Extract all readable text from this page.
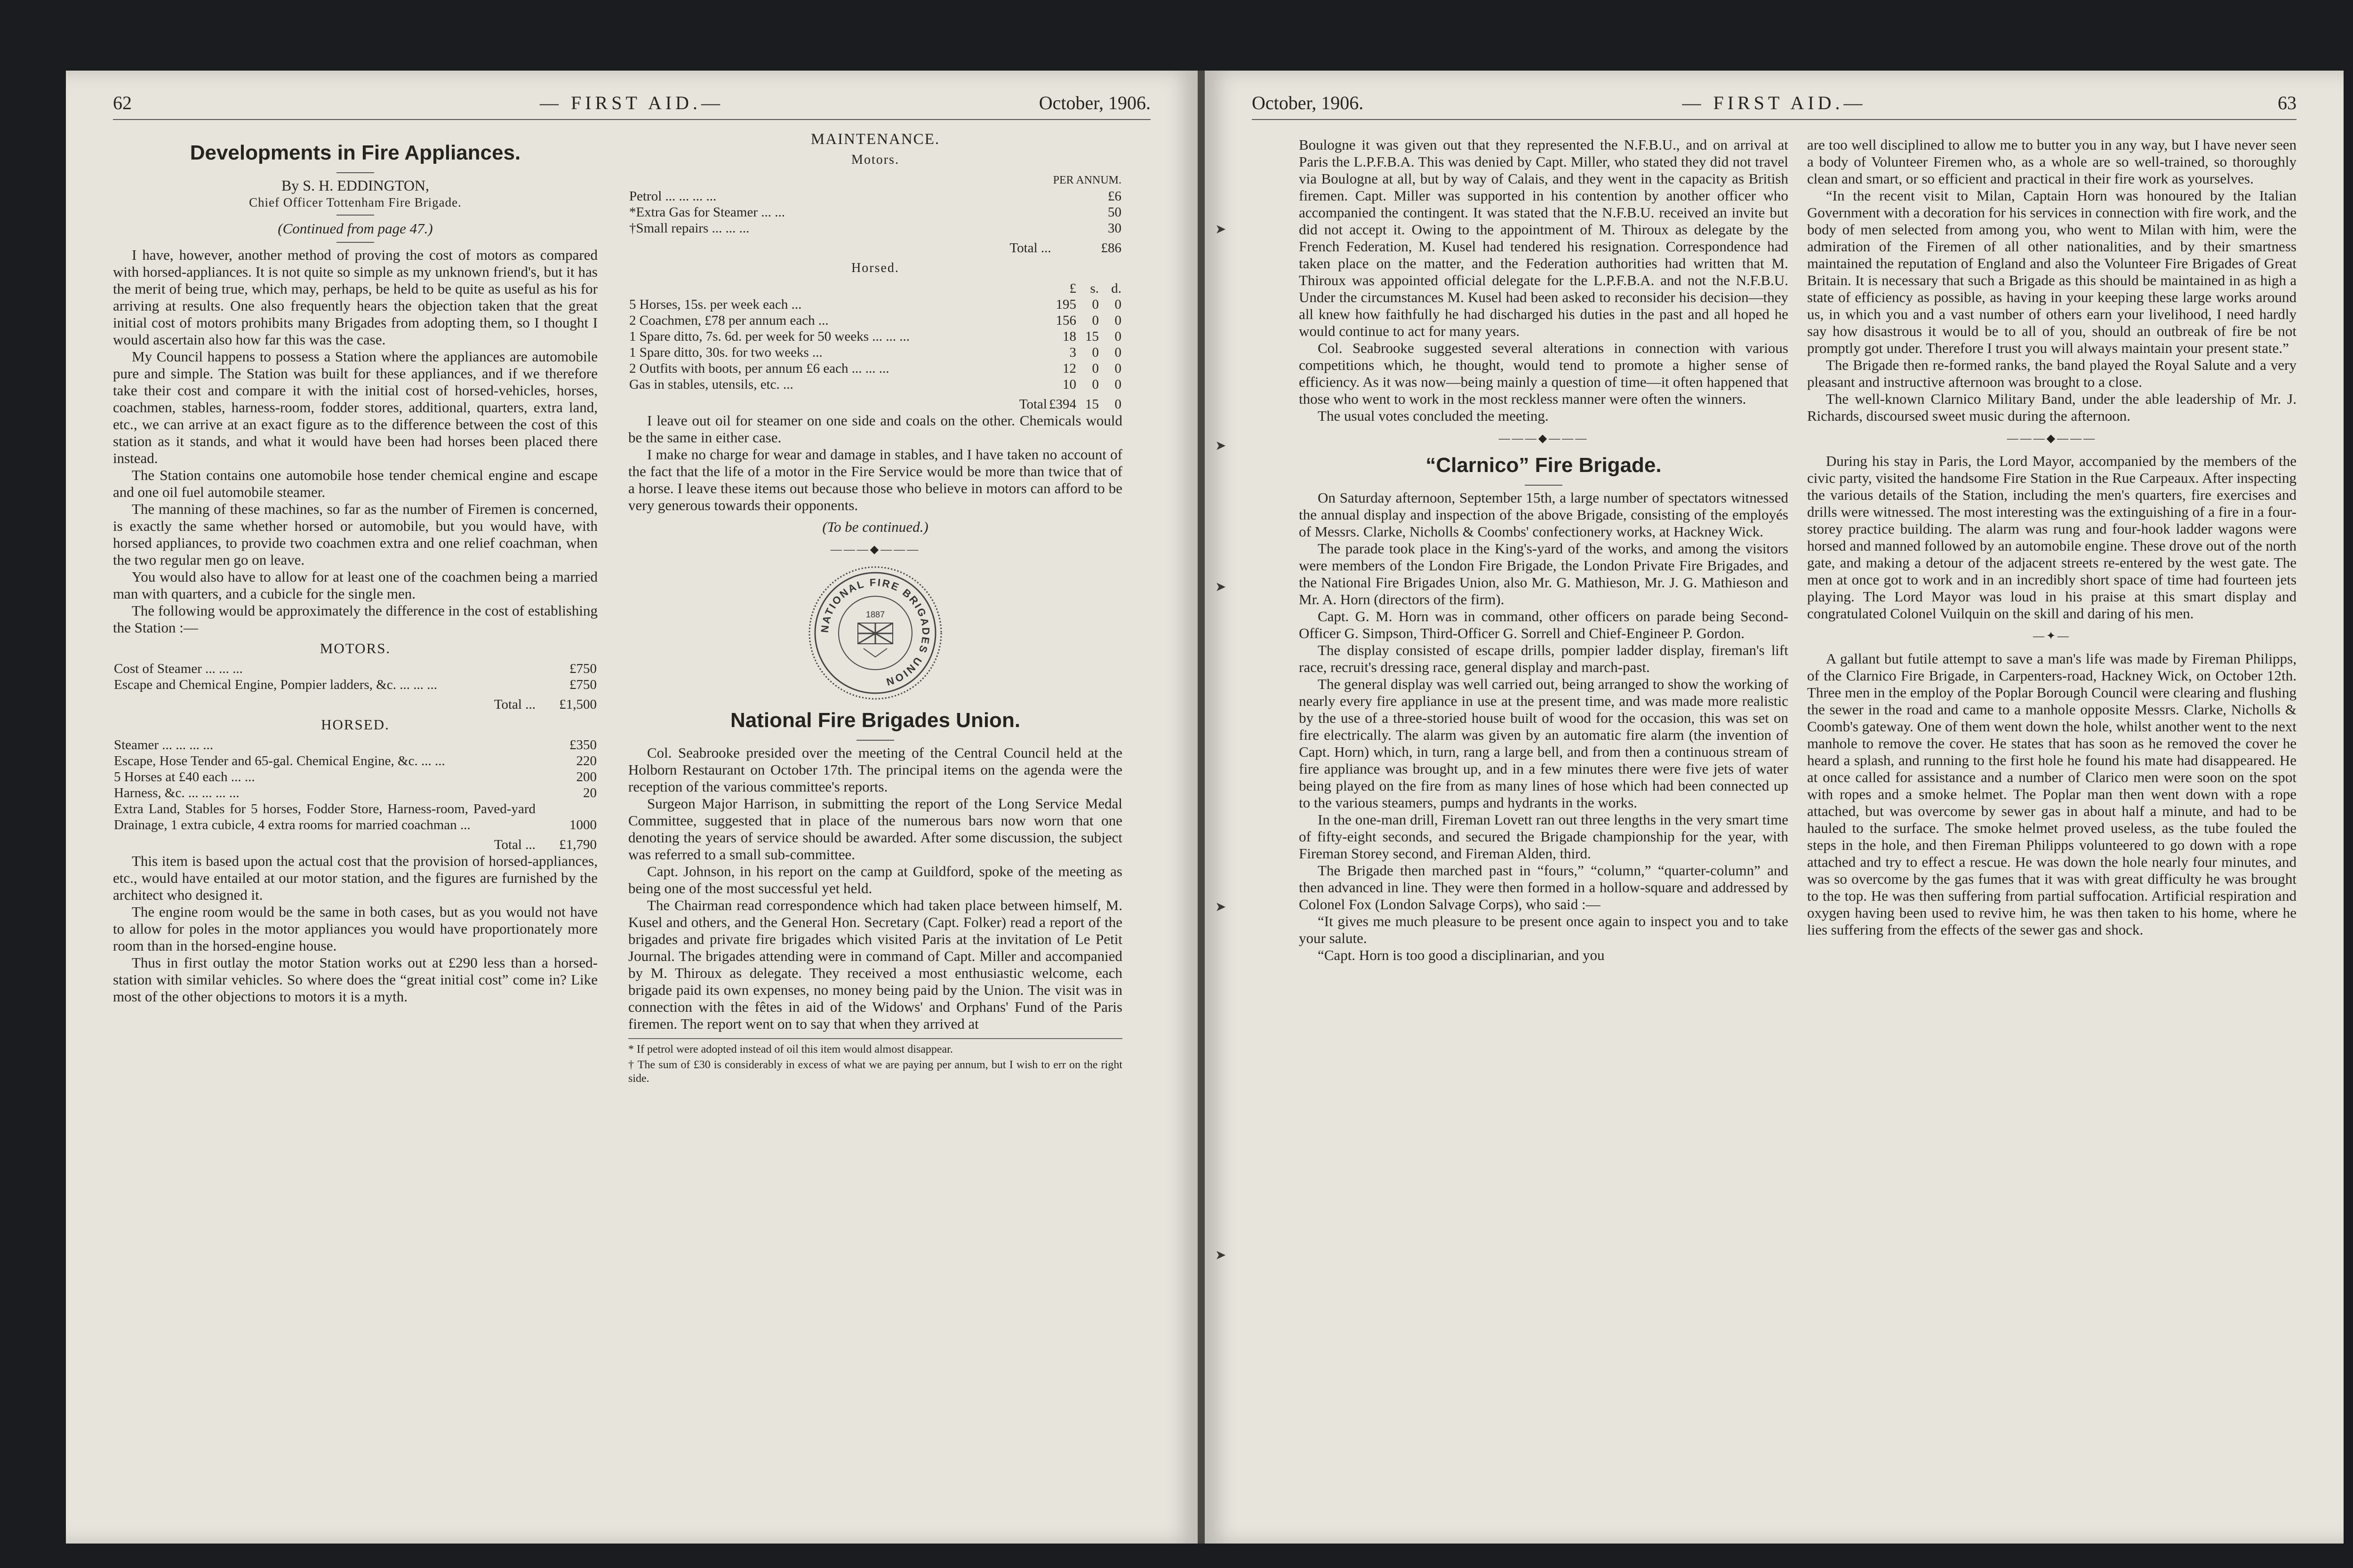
62	— FIRST AID.—	October, 1906.
Developments in Fire Appliances.
By S. H. EDDINGTON,
Chief Officer Tottenham Fire Brigade.
(Continued from page 47.)

I have, however, another method of proving the cost of motors as compared with horsed-appliances. It is not quite so simple as my unknown friend's, but it has the merit of being true, which may, perhaps, be held to be quite as useful as his for arriving at results. One also frequently hears the objection taken that the great initial cost of motors prohibits many Brigades from adopting them, so I thought I would ascertain also how far this was the case.

My Council happens to possess a Station where the appliances are automobile pure and simple. The Station was built for these appliances, and if we therefore take their cost and compare it with the initial cost of horsed-vehicles, horses, coachmen, stables, harness-room, fodder stores, additional, quarters, extra land, etc., we can arrive at an exact figure as to the difference between the cost of this station as it stands, and what it would have been had horses been placed there instead.

The Station contains one automobile hose tender chemical engine and escape and one oil fuel automobile steamer.

The manning of these machines, so far as the number of Firemen is concerned, is exactly the same whether horsed or automobile, but you would have, with horsed appliances, to provide two coachmen extra and one relief coachman, when the two regular men go on leave.

You would also have to allow for at least one of the coachmen being a married man with quarters, and a cubicle for the single men.

The following would be approximately the difference in the cost of establishing the Station :—

MOTORS.
Cost of Steamer ... ... ...	£750
Escape and Chemical Engine, Pompier ladders, &c. ... ... ...	£750
Total ...	£1,500
HORSED.
Steamer ... ... ... ...	£350
Escape, Hose Tender and 65-gal. Chemical Engine, &c. ... ...	220
5 Horses at £40 each ... ...	200
Harness, &c. ... ... ... ...	20
Extra Land, Stables for 5 horses, Fodder Store, Harness-room, Paved-yard Drainage, 1 extra cubicle, 4 extra rooms for married coachman ...	1000
Total ...	£1,790

This item is based upon the actual cost that the provision of horsed-appliances, etc., would have entailed at our motor station, and the figures are furnished by the architect who designed it.

The engine room would be the same in both cases, but as you would not have to allow for poles in the motor appliances you would have proportionately more room than in the horsed-engine house.

Thus in first outlay the motor Station works out at £290 less than a horsed-station with similar vehicles. So where does the “great initial cost” come in? Like most of the other objections to motors it is a myth.

MAINTENANCE.
Motors.
	PER ANNUM.
Petrol ... ... ... ...	£6
*Extra Gas for Steamer ... ...	50
†Small repairs ... ... ...	30
Total ...	£86
Horsed.
	£	s.	d.
5 Horses, 15s. per week each ...	195	0	0
2 Coachmen, £78 per annum each ...	156	0	0
1 Spare ditto, 7s. 6d. per week for 50 weeks ... ... ...	18	15	0
1 Spare ditto, 30s. for two weeks ...	3	0	0
2 Outfits with boots, per annum £6 each ... ... ...	12	0	0
Gas in stables, utensils, etc. ...	10	0	0
Total	£394	15	0

I leave out oil for steamer on one side and coals on the other. Chemicals would be the same in either case.

I make no charge for wear and damage in stables, and I have taken no account of the fact that the life of a motor in the Fire Service would be more than twice that of a horse. I leave these items out because those who believe in motors can afford to be very generous towards their opponents.

(To be continued.)
———◆———
NATIONAL FIRE BRIGADES UNION
1887
National Fire Brigades Union.

Col. Seabrooke presided over the meeting of the Central Council held at the Holborn Restaurant on October 17th. The principal items on the agenda were the reception of the various committee's reports.

Surgeon Major Harrison, in submitting the report of the Long Service Medal Committee, suggested that in place of the numerous bars now worn that one denoting the years of service should be awarded. After some discussion, the subject was referred to a small sub-committee.

Capt. Johnson, in his report on the camp at Guildford, spoke of the meeting as being one of the most successful yet held.

The Chairman read correspondence which had taken place between himself, M. Kusel and others, and the General Hon. Secretary (Capt. Folker) read a report of the brigades and private fire brigades which visited Paris at the invitation of Le Petit Journal. The brigades attending were in command of Capt. Miller and accompanied by M. Thiroux as delegate. They received a most enthusiastic welcome, each brigade paid its own expenses, no money being paid by the Union. The visit was in connection with the fêtes in aid of the Widows' and Orphans' Fund of the Paris firemen. The report went on to say that when they arrived at

* If petrol were adopted instead of oil this item would almost disappear.

† The sum of £30 is considerably in excess of what we are paying per annum, but I wish to err on the right side.

➤
➤
➤
➤
➤
October, 1906.	— FIRST AID.—	63

Boulogne it was given out that they represented the N.F.B.U., and on arrival at Paris the L.P.F.B.A. This was denied by Capt. Miller, who stated they did not travel via Boulogne at all, but by way of Calais, and they went in the capacity as British firemen. Capt. Miller was supported in his contention by another officer who accompanied the contingent. It was stated that the N.F.B.U. received an invite but did not accept it. Owing to the appointment of M. Thiroux as delegate by the French Federation, M. Kusel had tendered his resignation. Correspondence had taken place on the matter, and the Federation authorities had written that M. Thiroux was appointed official delegate for the L.P.F.B.A. and not the N.F.B.U. Under the circumstances M. Kusel had been asked to reconsider his decision—they all knew how faithfully he had discharged his duties in the past and all hoped he would continue to act for many years.

Col. Seabrooke suggested several alterations in connection with various competitions which, he thought, would tend to promote a higher sense of efficiency. As it was now—being mainly a question of time—it often happened that those who went to work in the most reckless manner were often the winners.

The usual votes concluded the meeting.

———◆———
“Clarnico” Fire Brigade.

On Saturday afternoon, September 15th, a large number of spectators witnessed the annual display and inspection of the above Brigade, consisting of the employés of Messrs. Clarke, Nicholls & Coombs' confectionery works, at Hackney Wick.

The parade took place in the King's-yard of the works, and among the visitors were members of the London Fire Brigade, the London Private Fire Brigades, and the National Fire Brigades Union, also Mr. G. Mathieson, Mr. J. G. Mathieson and Mr. A. Horn (directors of the firm).

Capt. G. M. Horn was in command, other officers on parade being Second-Officer G. Simpson, Third-Officer G. Sorrell and Chief-Engineer P. Gordon.

The display consisted of escape drills, pompier ladder display, fireman's lift race, recruit's dressing race, general display and march-past.

The general display was well carried out, being arranged to show the working of nearly every fire appliance in use at the present time, and was made more realistic by the use of a three-storied house built of wood for the occasion, this was set on fire electrically. The alarm was given by an automatic fire alarm (the invention of Capt. Horn) which, in turn, rang a large bell, and from then a continuous stream of fire appliance was brought up, and in a few minutes there were five jets of water being played on the fire from as many lines of hose which had been connected up to the various steamers, pumps and hydrants in the works.

In the one-man drill, Fireman Lovett ran out three lengths in the very smart time of fifty-eight seconds, and secured the Brigade championship for the year, with Fireman Storey second, and Fireman Alden, third.

The Brigade then marched past in “fours,” “column,” “quarter-column” and then advanced in line. They were then formed in a hollow-square and addressed by Colonel Fox (London Salvage Corps), who said :—

“It gives me much pleasure to be present once again to inspect you and to take your salute.

“Capt. Horn is too good a disciplinarian, and you

are too well disciplined to allow me to butter you in any way, but I have never seen a body of Volunteer Firemen who, as a whole are so well-trained, so thoroughly clean and smart, or so efficient and practical in their fire work as yourselves.

“In the recent visit to Milan, Captain Horn was honoured by the Italian Government with a decoration for his services in connection with fire work, and the body of men selected from among you, who went to Milan with him, were the admiration of the Firemen of all other nationalities, and by their smartness maintained the reputation of England and also the Volunteer Fire Brigades of Great Britain. It is necessary that such a Brigade as this should be maintained in as high a state of efficiency as possible, as having in your keeping these large works around us, in which you and a vast number of others earn your livelihood, I need hardly say how disastrous it would be to all of you, should an outbreak of fire be not promptly got under. Therefore I trust you will always maintain your present state.”

The Brigade then re-formed ranks, the band played the Royal Salute and a very pleasant and instructive afternoon was brought to a close.

The well-known Clarnico Military Band, under the able leadership of Mr. J. Richards, discoursed sweet music during the afternoon.

———◆———

During his stay in Paris, the Lord Mayor, accompanied by the members of the civic party, visited the handsome Fire Station in the Rue Carpeaux. After inspecting the various details of the Station, including the men's quarters, fire exercises and drills were witnessed. The most interesting was the extinguishing of a fire in a four-storey practice building. The alarm was rung and four-hook ladder wagons were horsed and manned followed by an automobile engine. These drove out of the north gate, and making a detour of the adjacent streets re-entered by the west gate. The men at once got to work and in an incredibly short space of time had fourteen jets playing. The Lord Mayor was loud in his praise at this smart display and congratulated Colonel Vuilquin on the skill and daring of his men.

—✦—

A gallant but futile attempt to save a man's life was made by Fireman Philipps, of the Clarnico Fire Brigade, in Carpenters-road, Hackney Wick, on October 12th. Three men in the employ of the Poplar Borough Council were clearing and flushing the sewer in the road and came to a manhole opposite Messrs. Clarke, Nicholls & Coomb's gateway. One of them went down the hole, whilst another went to the next manhole to remove the cover. He states that has soon as he removed the cover he heard a splash, and running to the first hole he found his mate had disappeared. He at once called for assistance and a number of Clarico men were soon on the spot with ropes and a smoke helmet. The Poplar man then went down with a rope attached, but was overcome by sewer gas in about half a minute, and had to be hauled to the surface. The smoke helmet proved useless, as the tube fouled the steps in the hole, and then Fireman Philipps volunteered to go down with a rope attached and try to effect a rescue. He was down the hole nearly four minutes, and was so overcome by the gas fumes that it was with great difficulty he was brought to the top. He was then suffering from partial suffocation. Artificial respiration and oxygen having been used to revive him, he was then taken to his home, where he lies suffering from the effects of the sewer gas and shock.
